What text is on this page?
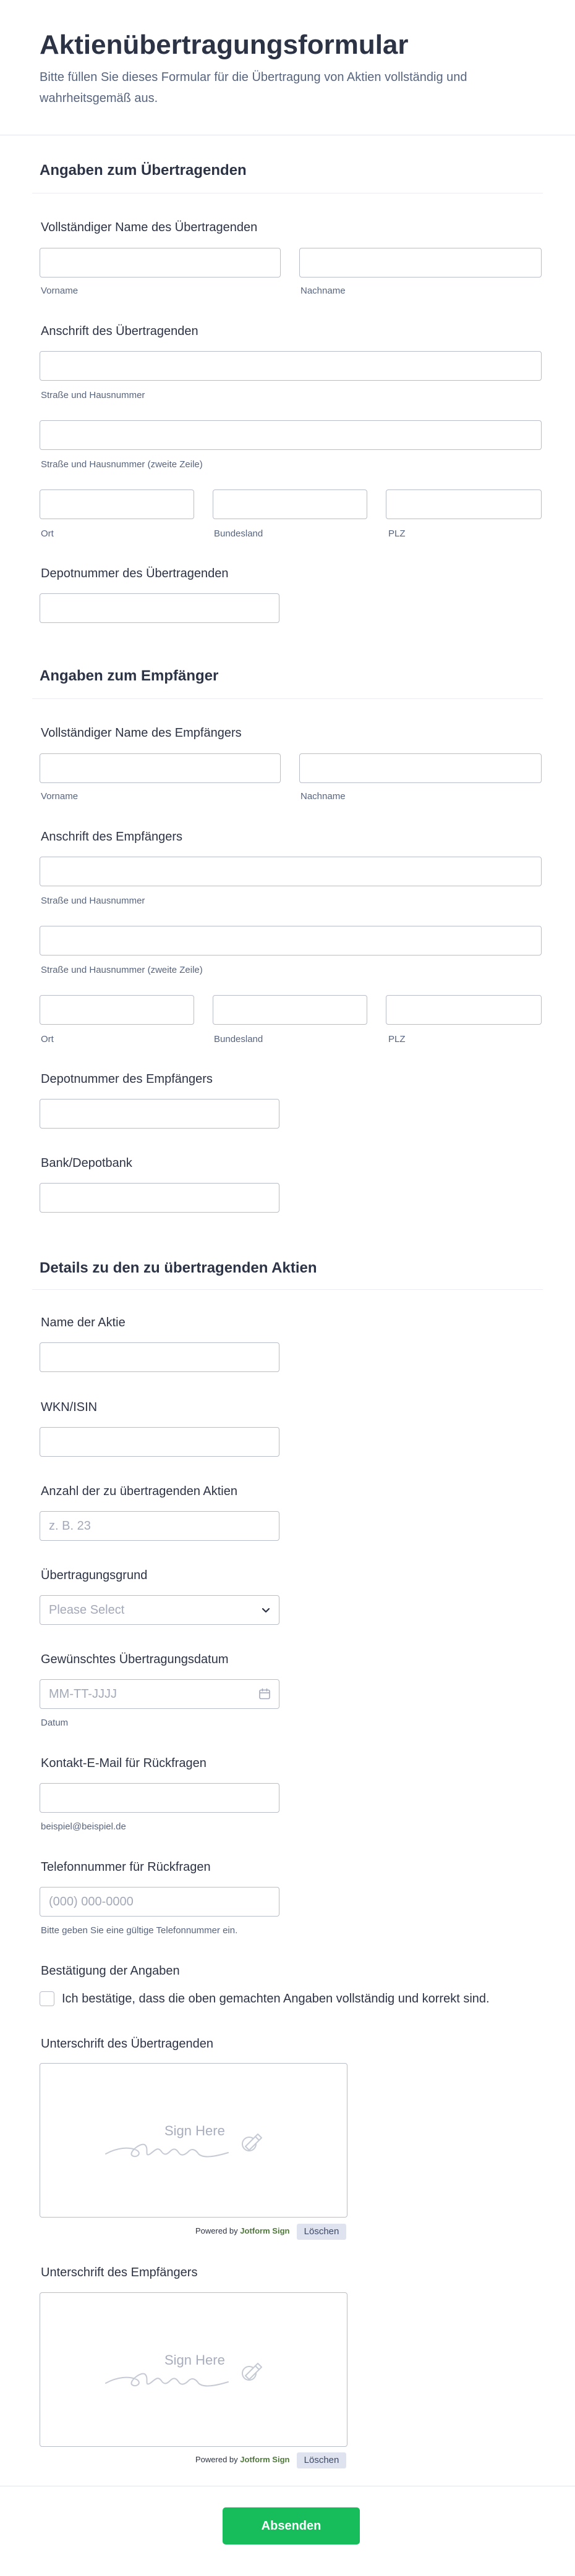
Aktienübertragungsformular
Bitte füllen Sie dieses Formular für die Übertragung von Aktien vollständig und wahrheitsgemäß aus.
Angaben zum Übertragenden
Vollständiger Name des Übertragenden
Vorname	Nachname
Anschrift des Übertragenden
Straße und Hausnummer
Straße und Hausnummer (zweite Zeile)
Ort	Bundesland	PLZ
Depotnummer des Übertragenden
Angaben zum Empfänger
Vollständiger Name des Empfängers
Vorname	Nachname
Anschrift des Empfängers
Straße und Hausnummer
Straße und Hausnummer (zweite Zeile)
Ort	Bundesland	PLZ
Depotnummer des Empfängers
Bank/Depotbank
Details zu den zu übertragenden Aktien
Name der Aktie
WKN/ISIN
Anzahl der zu übertragenden Aktien
z. B. 23
Übertragungsgrund
Please Select
Gewünschtes Übertragungsdatum
MM-TT-JJJJ
Datum
Kontakt-E-Mail für Rückfragen
beispiel@beispiel.de
Telefonnummer für Rückfragen
(000) 000-0000
Bitte geben Sie eine gültige Telefonnummer ein.
Bestätigung der Angaben
Ich bestätige, dass die oben gemachten Angaben vollständig und korrekt sind.
Unterschrift des Übertragenden
Sign Here
Powered by Jotform Sign	Löschen
Unterschrift des Empfängers
Sign Here
Powered by Jotform Sign	Löschen
Absenden
